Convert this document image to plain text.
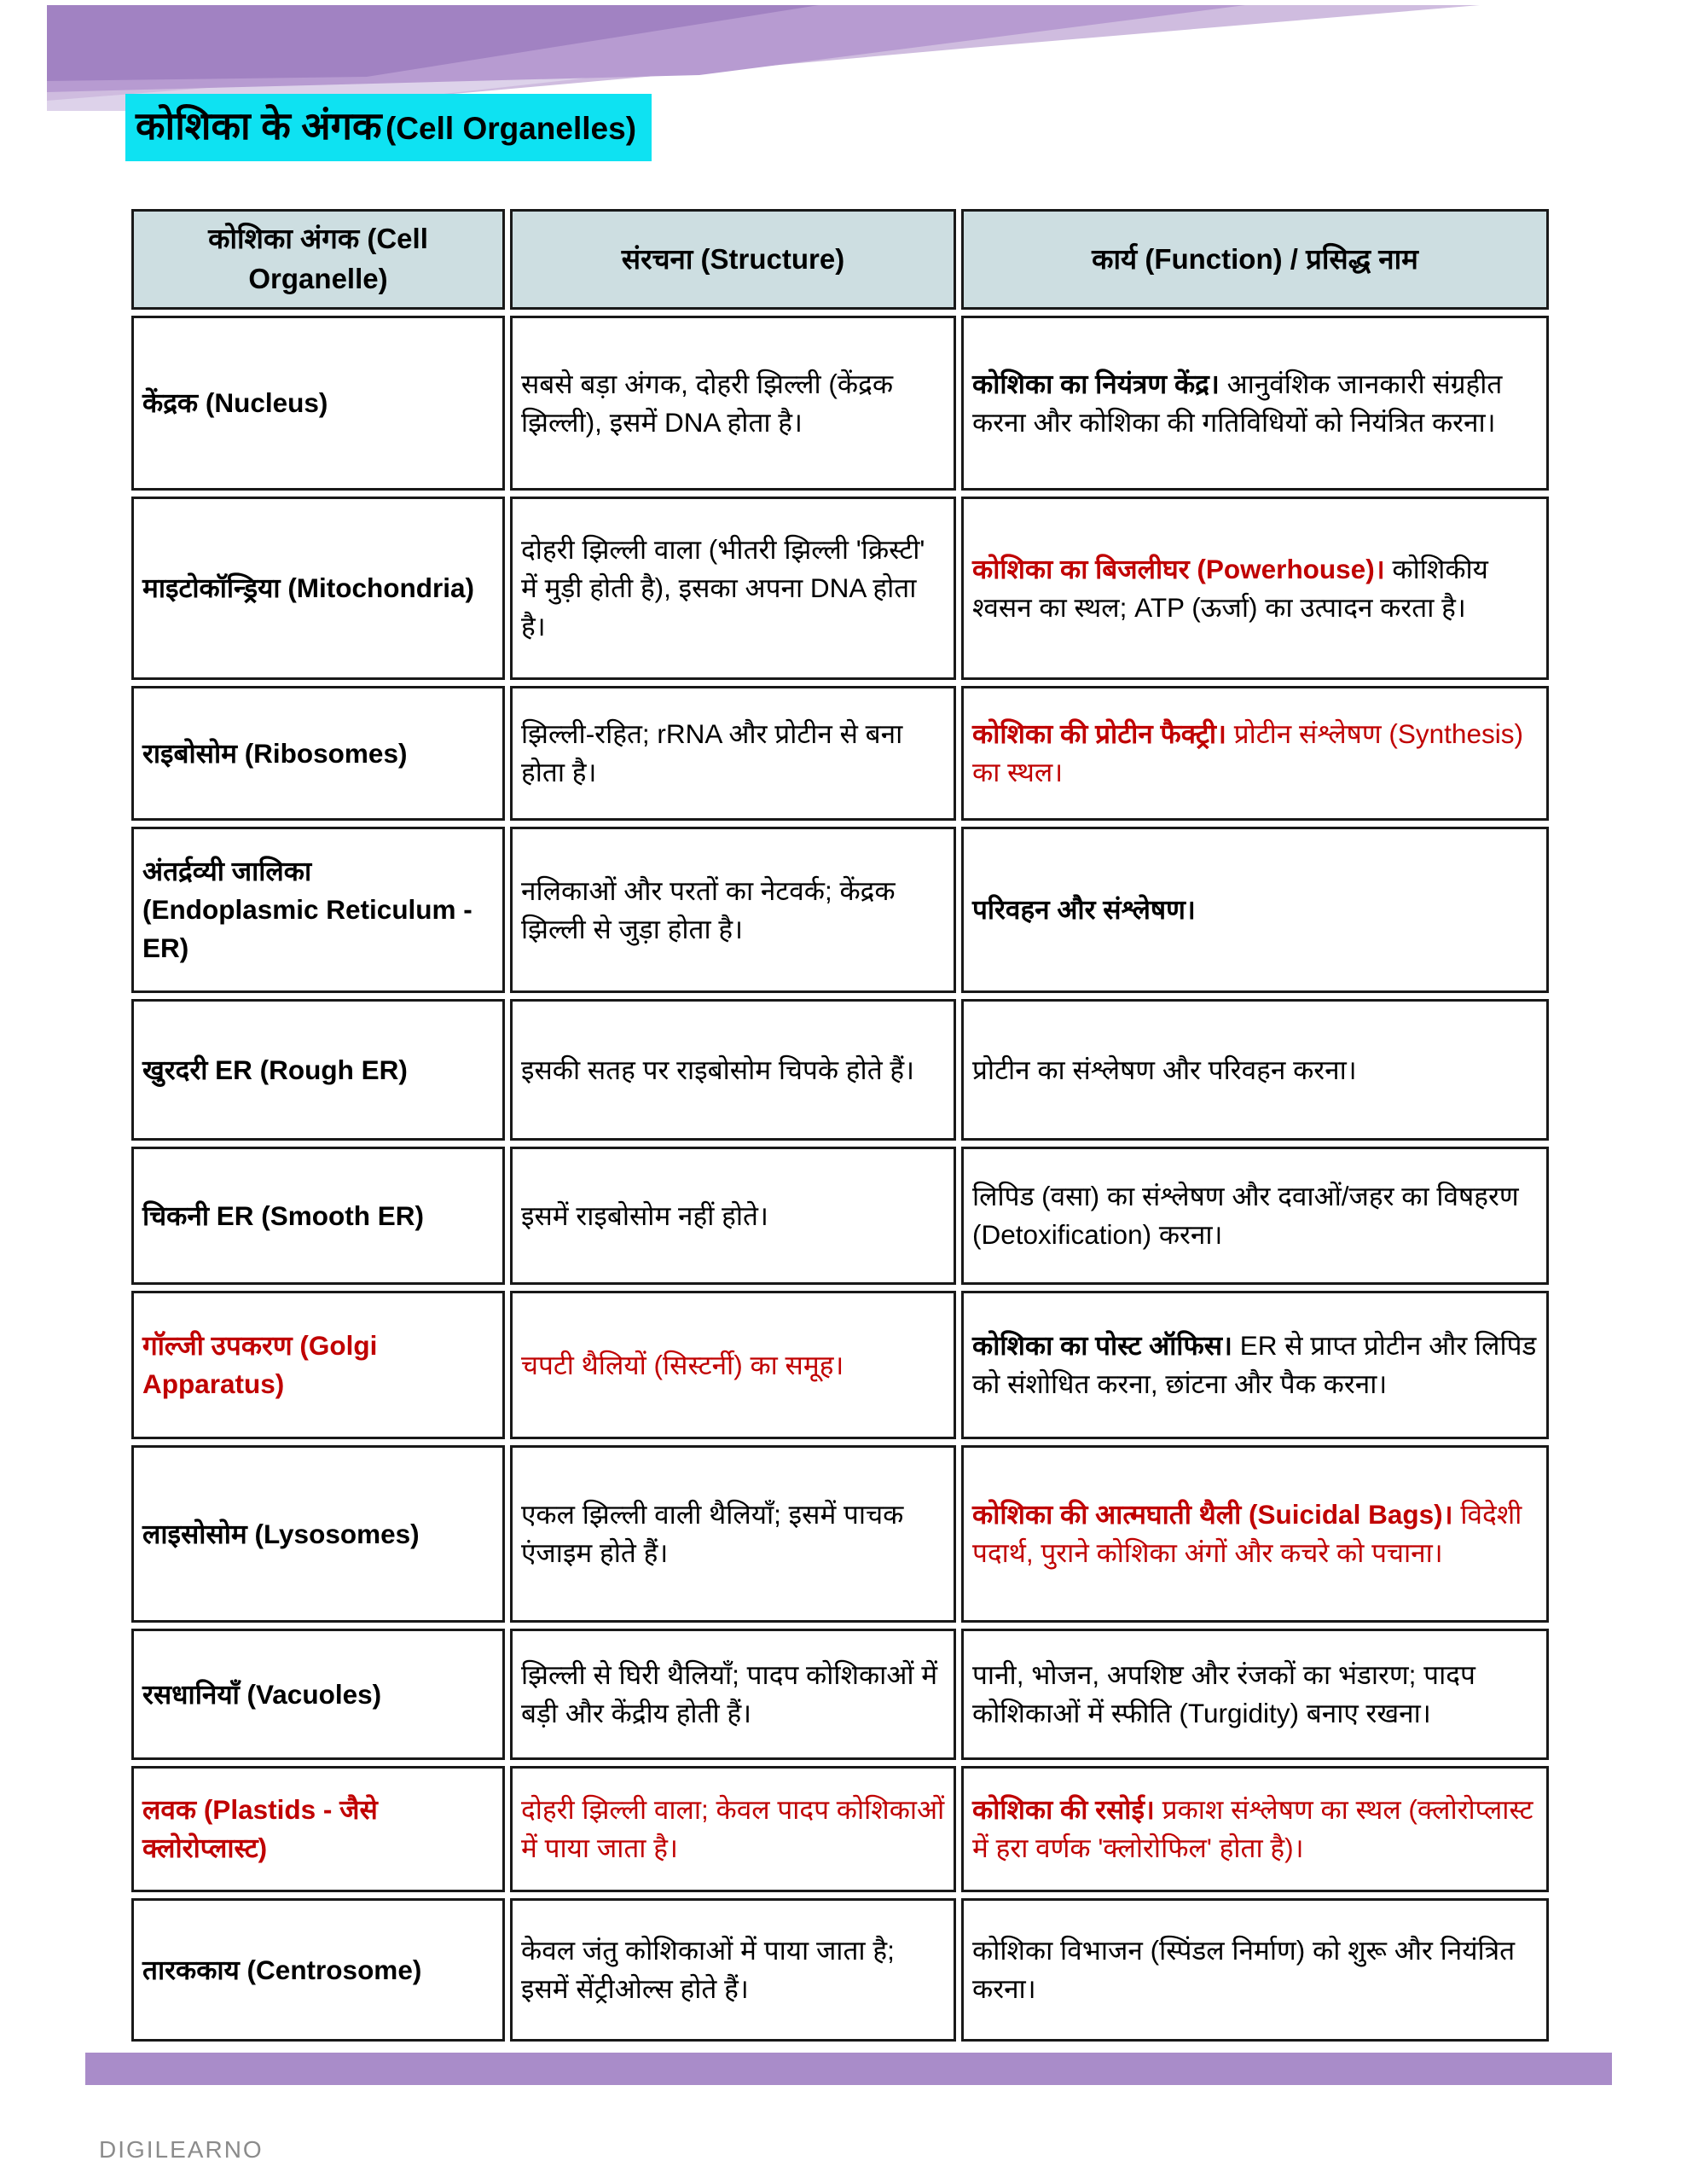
कोशिका के अंगक (Cell Organelles)
कोशिका अंगक (Cell Organelle)	संरचना (Structure)	कार्य (Function) / प्रसिद्ध नाम
केंद्रक (Nucleus)	सबसे बड़ा अंगक, दोहरी झिल्ली (केंद्रक झिल्ली), इसमें DNA होता है।	कोशिका का नियंत्रण केंद्र। आनुवंशिक जानकारी संग्रहीत करना और कोशिका की गतिविधियों को नियंत्रित करना।
माइटोकॉन्ड्रिया (Mitochondria)	दोहरी झिल्ली वाला (भीतरी झिल्ली 'क्रिस्टी' में मुड़ी होती है), इसका अपना DNA होता है।	कोशिका का बिजलीघर (Powerhouse)। कोशिकीय श्वसन का स्थल; ATP (ऊर्जा) का उत्पादन करता है।
राइबोसोम (Ribosomes)	झिल्ली-रहित; rRNA और प्रोटीन से बना होता है।	कोशिका की प्रोटीन फैक्ट्री। प्रोटीन संश्लेषण (Synthesis) का स्थल।
अंतर्द्रव्यी जालिका (Endoplasmic Reticulum - ER)	नलिकाओं और परतों का नेटवर्क; केंद्रक झिल्ली से जुड़ा होता है।	परिवहन और संश्लेषण।
खुरदरी ER (Rough ER)	इसकी सतह पर राइबोसोम चिपके होते हैं।	प्रोटीन का संश्लेषण और परिवहन करना।
चिकनी ER (Smooth ER)	इसमें राइबोसोम नहीं होते।	लिपिड (वसा) का संश्लेषण और दवाओं/जहर का विषहरण (Detoxification) करना।
गॉल्जी उपकरण (Golgi Apparatus)	चपटी थैलियों (सिस्टर्नी) का समूह।	कोशिका का पोस्ट ऑफिस। ER से प्राप्त प्रोटीन और लिपिड को संशोधित करना, छांटना और पैक करना।
लाइसोसोम (Lysosomes)	एकल झिल्ली वाली थैलियाँ; इसमें पाचक एंजाइम होते हैं।	कोशिका की आत्मघाती थैली (Suicidal Bags)। विदेशी पदार्थ, पुराने कोशिका अंगों और कचरे को पचाना।
रसधानियाँ (Vacuoles)	झिल्ली से घिरी थैलियाँ; पादप कोशिकाओं में बड़ी और केंद्रीय होती हैं।	पानी, भोजन, अपशिष्ट और रंजकों का भंडारण; पादप कोशिकाओं में स्फीति (Turgidity) बनाए रखना।
लवक (Plastids - जैसे क्लोरोप्लास्ट)	दोहरी झिल्ली वाला; केवल पादप कोशिकाओं में पाया जाता है।	कोशिका की रसोई। प्रकाश संश्लेषण का स्थल (क्लोरोप्लास्ट में हरा वर्णक 'क्लोरोफिल' होता है)।
तारककाय (Centrosome)	केवल जंतु कोशिकाओं में पाया जाता है; इसमें सेंट्रीओल्स होते हैं।	कोशिका विभाजन (स्पिंडल निर्माण) को शुरू और नियंत्रित करना।
DIGILEARNO
